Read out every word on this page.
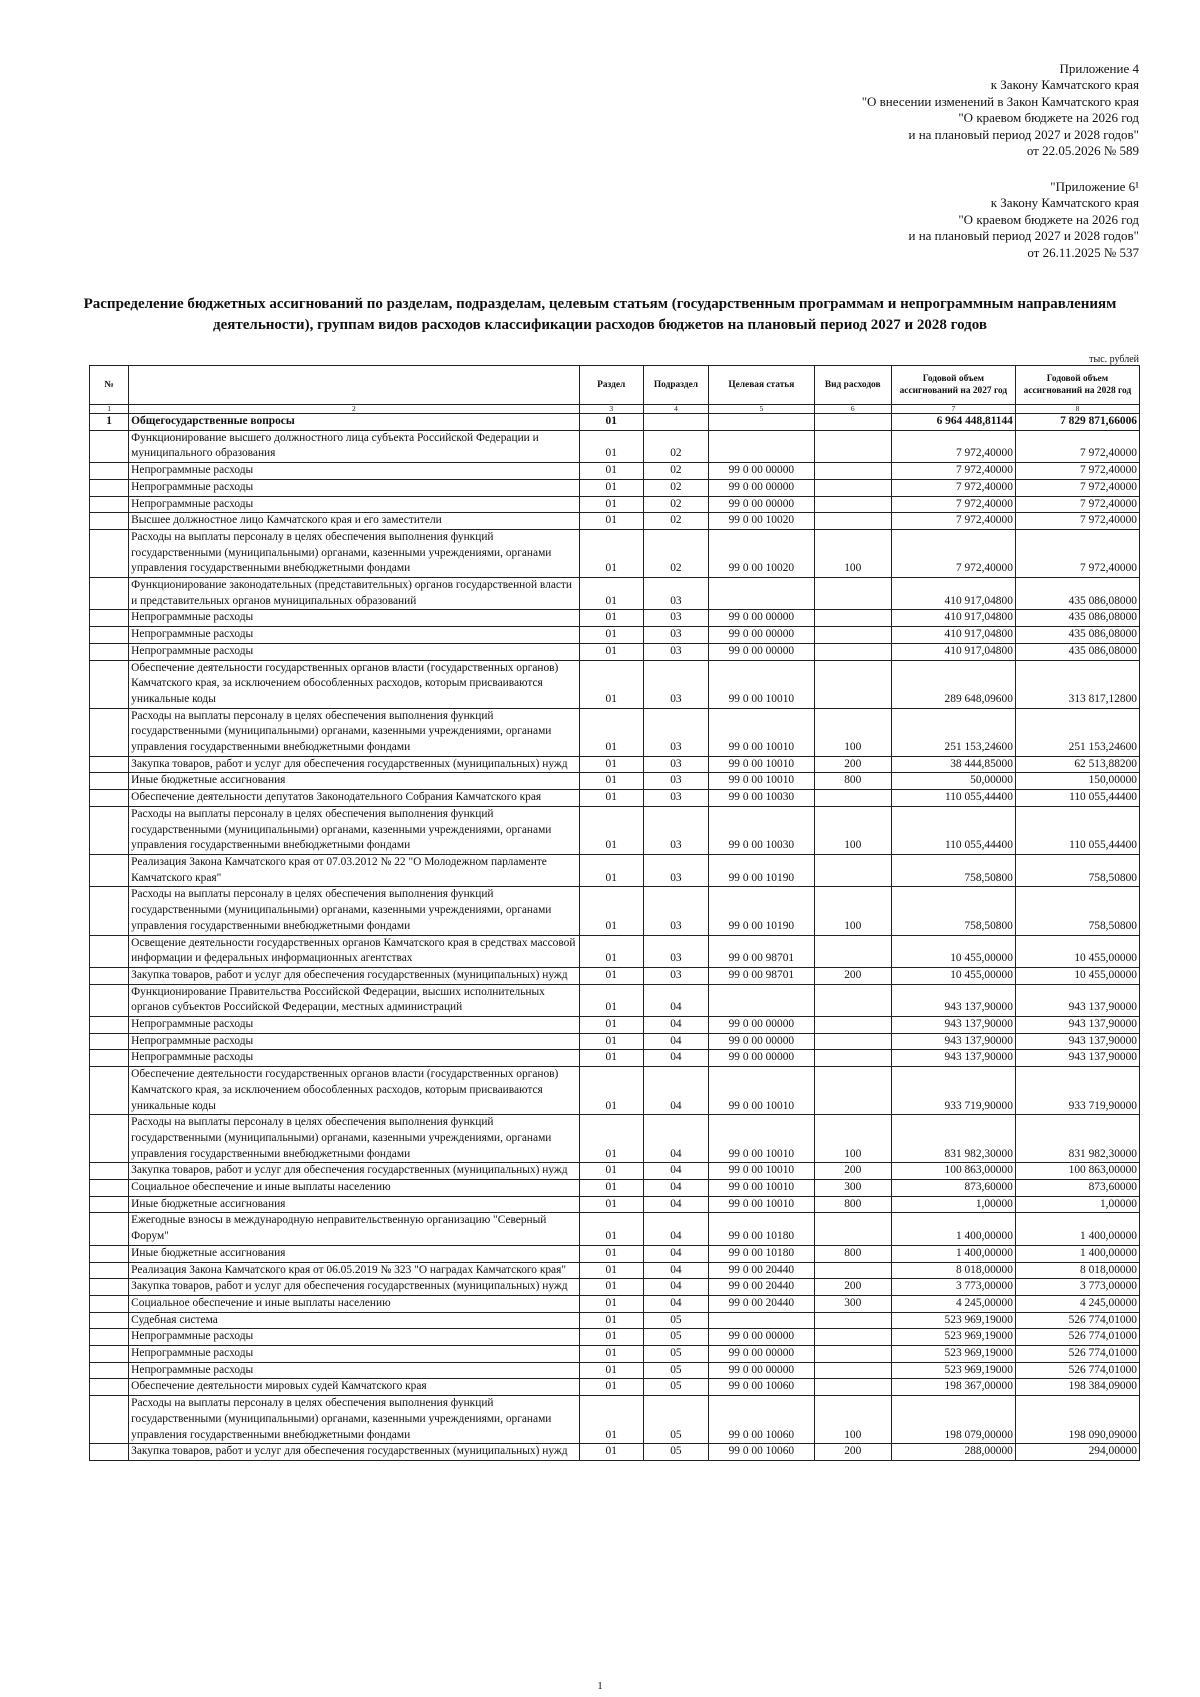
Приложение 4
к Закону Камчатского края
"О внесении изменений в Закон Камчатского края
"О краевом бюджете на 2026 год
и на плановый период 2027 и 2028 годов"
от 22.05.2026 № 589
"Приложение 6¹
к Закону Камчатского края
"О краевом бюджете на 2026 год
и на плановый период 2027 и 2028 годов"
от 26.11.2025 № 537
Распределение бюджетных ассигнований по разделам, подразделам, целевым статьям (государственным программам и непрограммным направлениям деятельности), группам видов расходов классификации расходов бюджетов на плановый период 2027 и 2028 годов
тыс. рублей
№		Раздел	Подраздел	Целевая статья	Вид расходов	Годовой объем ассигнований на 2027 год	Годовой объем ассигнований на 2028 год
1	2	3	4	5	6	7	8
1	Общегосударственные вопросы	01				6 964 448,81144	7 829 871,66006
	Функционирование высшего должностного лица субъекта Российской Федерации и муниципального образования	01	02			7 972,40000	7 972,40000
	Непрограммные расходы	01	02	99 0 00 00000		7 972,40000	7 972,40000
	Непрограммные расходы	01	02	99 0 00 00000		7 972,40000	7 972,40000
	Непрограммные расходы	01	02	99 0 00 00000		7 972,40000	7 972,40000
	Высшее должностное лицо Камчатского края и его заместители	01	02	99 0 00 10020		7 972,40000	7 972,40000
	Расходы на выплаты персоналу в целях обеспечения выполнения функций государственными (муниципальными) органами, казенными учреждениями, органами управления государственными внебюджетными фондами	01	02	99 0 00 10020	100	7 972,40000	7 972,40000
	Функционирование законодательных (представительных) органов государственной власти и представительных органов муниципальных образований	01	03			410 917,04800	435 086,08000
	Непрограммные расходы	01	03	99 0 00 00000		410 917,04800	435 086,08000
	Непрограммные расходы	01	03	99 0 00 00000		410 917,04800	435 086,08000
	Непрограммные расходы	01	03	99 0 00 00000		410 917,04800	435 086,08000
	Обеспечение деятельности государственных органов власти (государственных органов) Камчатского края, за исключением обособленных расходов, которым присваиваются уникальные коды	01	03	99 0 00 10010		289 648,09600	313 817,12800
	Расходы на выплаты персоналу в целях обеспечения выполнения функций государственными (муниципальными) органами, казенными учреждениями, органами управления государственными внебюджетными фондами	01	03	99 0 00 10010	100	251 153,24600	251 153,24600
	Закупка товаров, работ и услуг для обеспечения государственных (муниципальных) нужд	01	03	99 0 00 10010	200	38 444,85000	62 513,88200
	Иные бюджетные ассигнования	01	03	99 0 00 10010	800	50,00000	150,00000
	Обеспечение деятельности депутатов Законодательного Собрания Камчатского края	01	03	99 0 00 10030		110 055,44400	110 055,44400
	Расходы на выплаты персоналу в целях обеспечения выполнения функций государственными (муниципальными) органами, казенными учреждениями, органами управления государственными внебюджетными фондами	01	03	99 0 00 10030	100	110 055,44400	110 055,44400
	Реализация Закона Камчатского края от 07.03.2012 № 22 "О Молодежном парламенте Камчатского края"	01	03	99 0 00 10190		758,50800	758,50800
	Расходы на выплаты персоналу в целях обеспечения выполнения функций государственными (муниципальными) органами, казенными учреждениями, органами управления государственными внебюджетными фондами	01	03	99 0 00 10190	100	758,50800	758,50800
	Освещение деятельности государственных органов Камчатского края в средствах массовой информации и федеральных информационных агентствах	01	03	99 0 00 98701		10 455,00000	10 455,00000
	Закупка товаров, работ и услуг для обеспечения государственных (муниципальных) нужд	01	03	99 0 00 98701	200	10 455,00000	10 455,00000
	Функционирование Правительства Российской Федерации, высших исполнительных органов субъектов Российской Федерации, местных администраций	01	04			943 137,90000	943 137,90000
	Непрограммные расходы	01	04	99 0 00 00000		943 137,90000	943 137,90000
	Непрограммные расходы	01	04	99 0 00 00000		943 137,90000	943 137,90000
	Непрограммные расходы	01	04	99 0 00 00000		943 137,90000	943 137,90000
	Обеспечение деятельности государственных органов власти (государственных органов) Камчатского края, за исключением обособленных расходов, которым присваиваются уникальные коды	01	04	99 0 00 10010		933 719,90000	933 719,90000
	Расходы на выплаты персоналу в целях обеспечения выполнения функций государственными (муниципальными) органами, казенными учреждениями, органами управления государственными внебюджетными фондами	01	04	99 0 00 10010	100	831 982,30000	831 982,30000
	Закупка товаров, работ и услуг для обеспечения государственных (муниципальных) нужд	01	04	99 0 00 10010	200	100 863,00000	100 863,00000
	Социальное обеспечение и иные выплаты населению	01	04	99 0 00 10010	300	873,60000	873,60000
	Иные бюджетные ассигнования	01	04	99 0 00 10010	800	1,00000	1,00000
	Ежегодные взносы в международную неправительственную организацию "Северный Форум"	01	04	99 0 00 10180		1 400,00000	1 400,00000
	Иные бюджетные ассигнования	01	04	99 0 00 10180	800	1 400,00000	1 400,00000
	Реализация Закона Камчатского края от 06.05.2019 № 323 "О наградах Камчатского края"	01	04	99 0 00 20440		8 018,00000	8 018,00000
	Закупка товаров, работ и услуг для обеспечения государственных (муниципальных) нужд	01	04	99 0 00 20440	200	3 773,00000	3 773,00000
	Социальное обеспечение и иные выплаты населению	01	04	99 0 00 20440	300	4 245,00000	4 245,00000
	Судебная система	01	05			523 969,19000	526 774,01000
	Непрограммные расходы	01	05	99 0 00 00000		523 969,19000	526 774,01000
	Непрограммные расходы	01	05	99 0 00 00000		523 969,19000	526 774,01000
	Непрограммные расходы	01	05	99 0 00 00000		523 969,19000	526 774,01000
	Обеспечение деятельности мировых судей Камчатского края	01	05	99 0 00 10060		198 367,00000	198 384,09000
	Расходы на выплаты персоналу в целях обеспечения выполнения функций государственными (муниципальными) органами, казенными учреждениями, органами управления государственными внебюджетными фондами	01	05	99 0 00 10060	100	198 079,00000	198 090,09000
	Закупка товаров, работ и услуг для обеспечения государственных (муниципальных) нужд	01	05	99 0 00 10060	200	288,00000	294,00000
1
